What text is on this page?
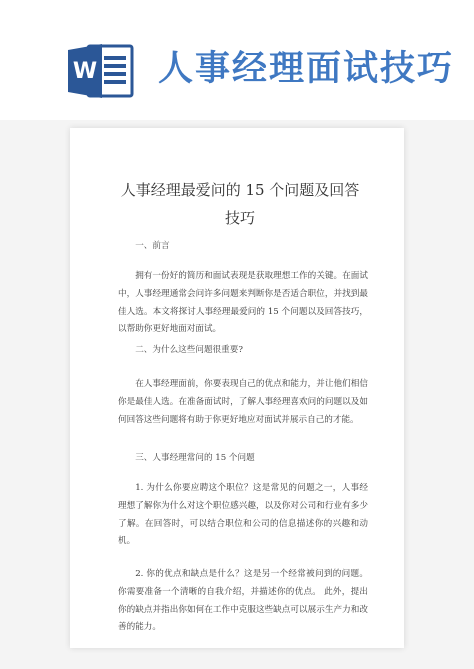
W 人事经理面试技巧
人事经理最爱问的 15 个问题及回答技巧

一、前言

拥有一份好的简历和面试表现是获取理想工作的关键。在面试中，人事经理通常会问许多问题来判断你是否适合职位，并找到最佳人选。本文将探讨人事经理最爱问的 15 个问题以及回答技巧，以帮助你更好地面对面试。

二、为什么这些问题很重要?

在人事经理面前，你要表现自己的优点和能力，并让他们相信你是最佳人选。在准备面试时，了解人事经理喜欢问的问题以及如何回答这些问题将有助于你更好地应对面试并展示自己的才能。

三、人事经理常问的 15 个问题

1. 为什么你要应聘这个职位？这是常见的问题之一，人事经理想了解你为什么对这个职位感兴趣，以及你对公司和行业有多少了解。在回答时，可以结合职位和公司的信息描述你的兴趣和动机。

2. 你的优点和缺点是什么？这是另一个经常被问到的问题。你需要准备一个清晰的自我介绍，并描述你的优点。 此外，提出你的缺点并指出你如何在工作中克服这些缺点可以展示生产力和改善的能力。
